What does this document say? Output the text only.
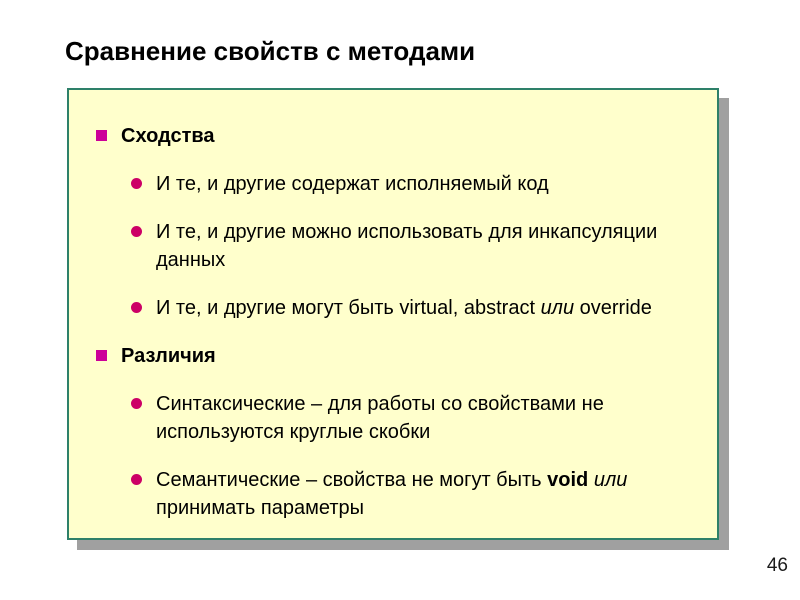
Сравнение свойств с методами
Сходства
И те, и другие содержат исполняемый код
И те, и другие можно использовать для инкапсуляции данных
И те, и другие могут быть virtual, abstract или override
Различия
Синтаксические – для работы со свойствами не используются круглые скобки
Семантические – свойства не могут быть void или принимать параметры
46
